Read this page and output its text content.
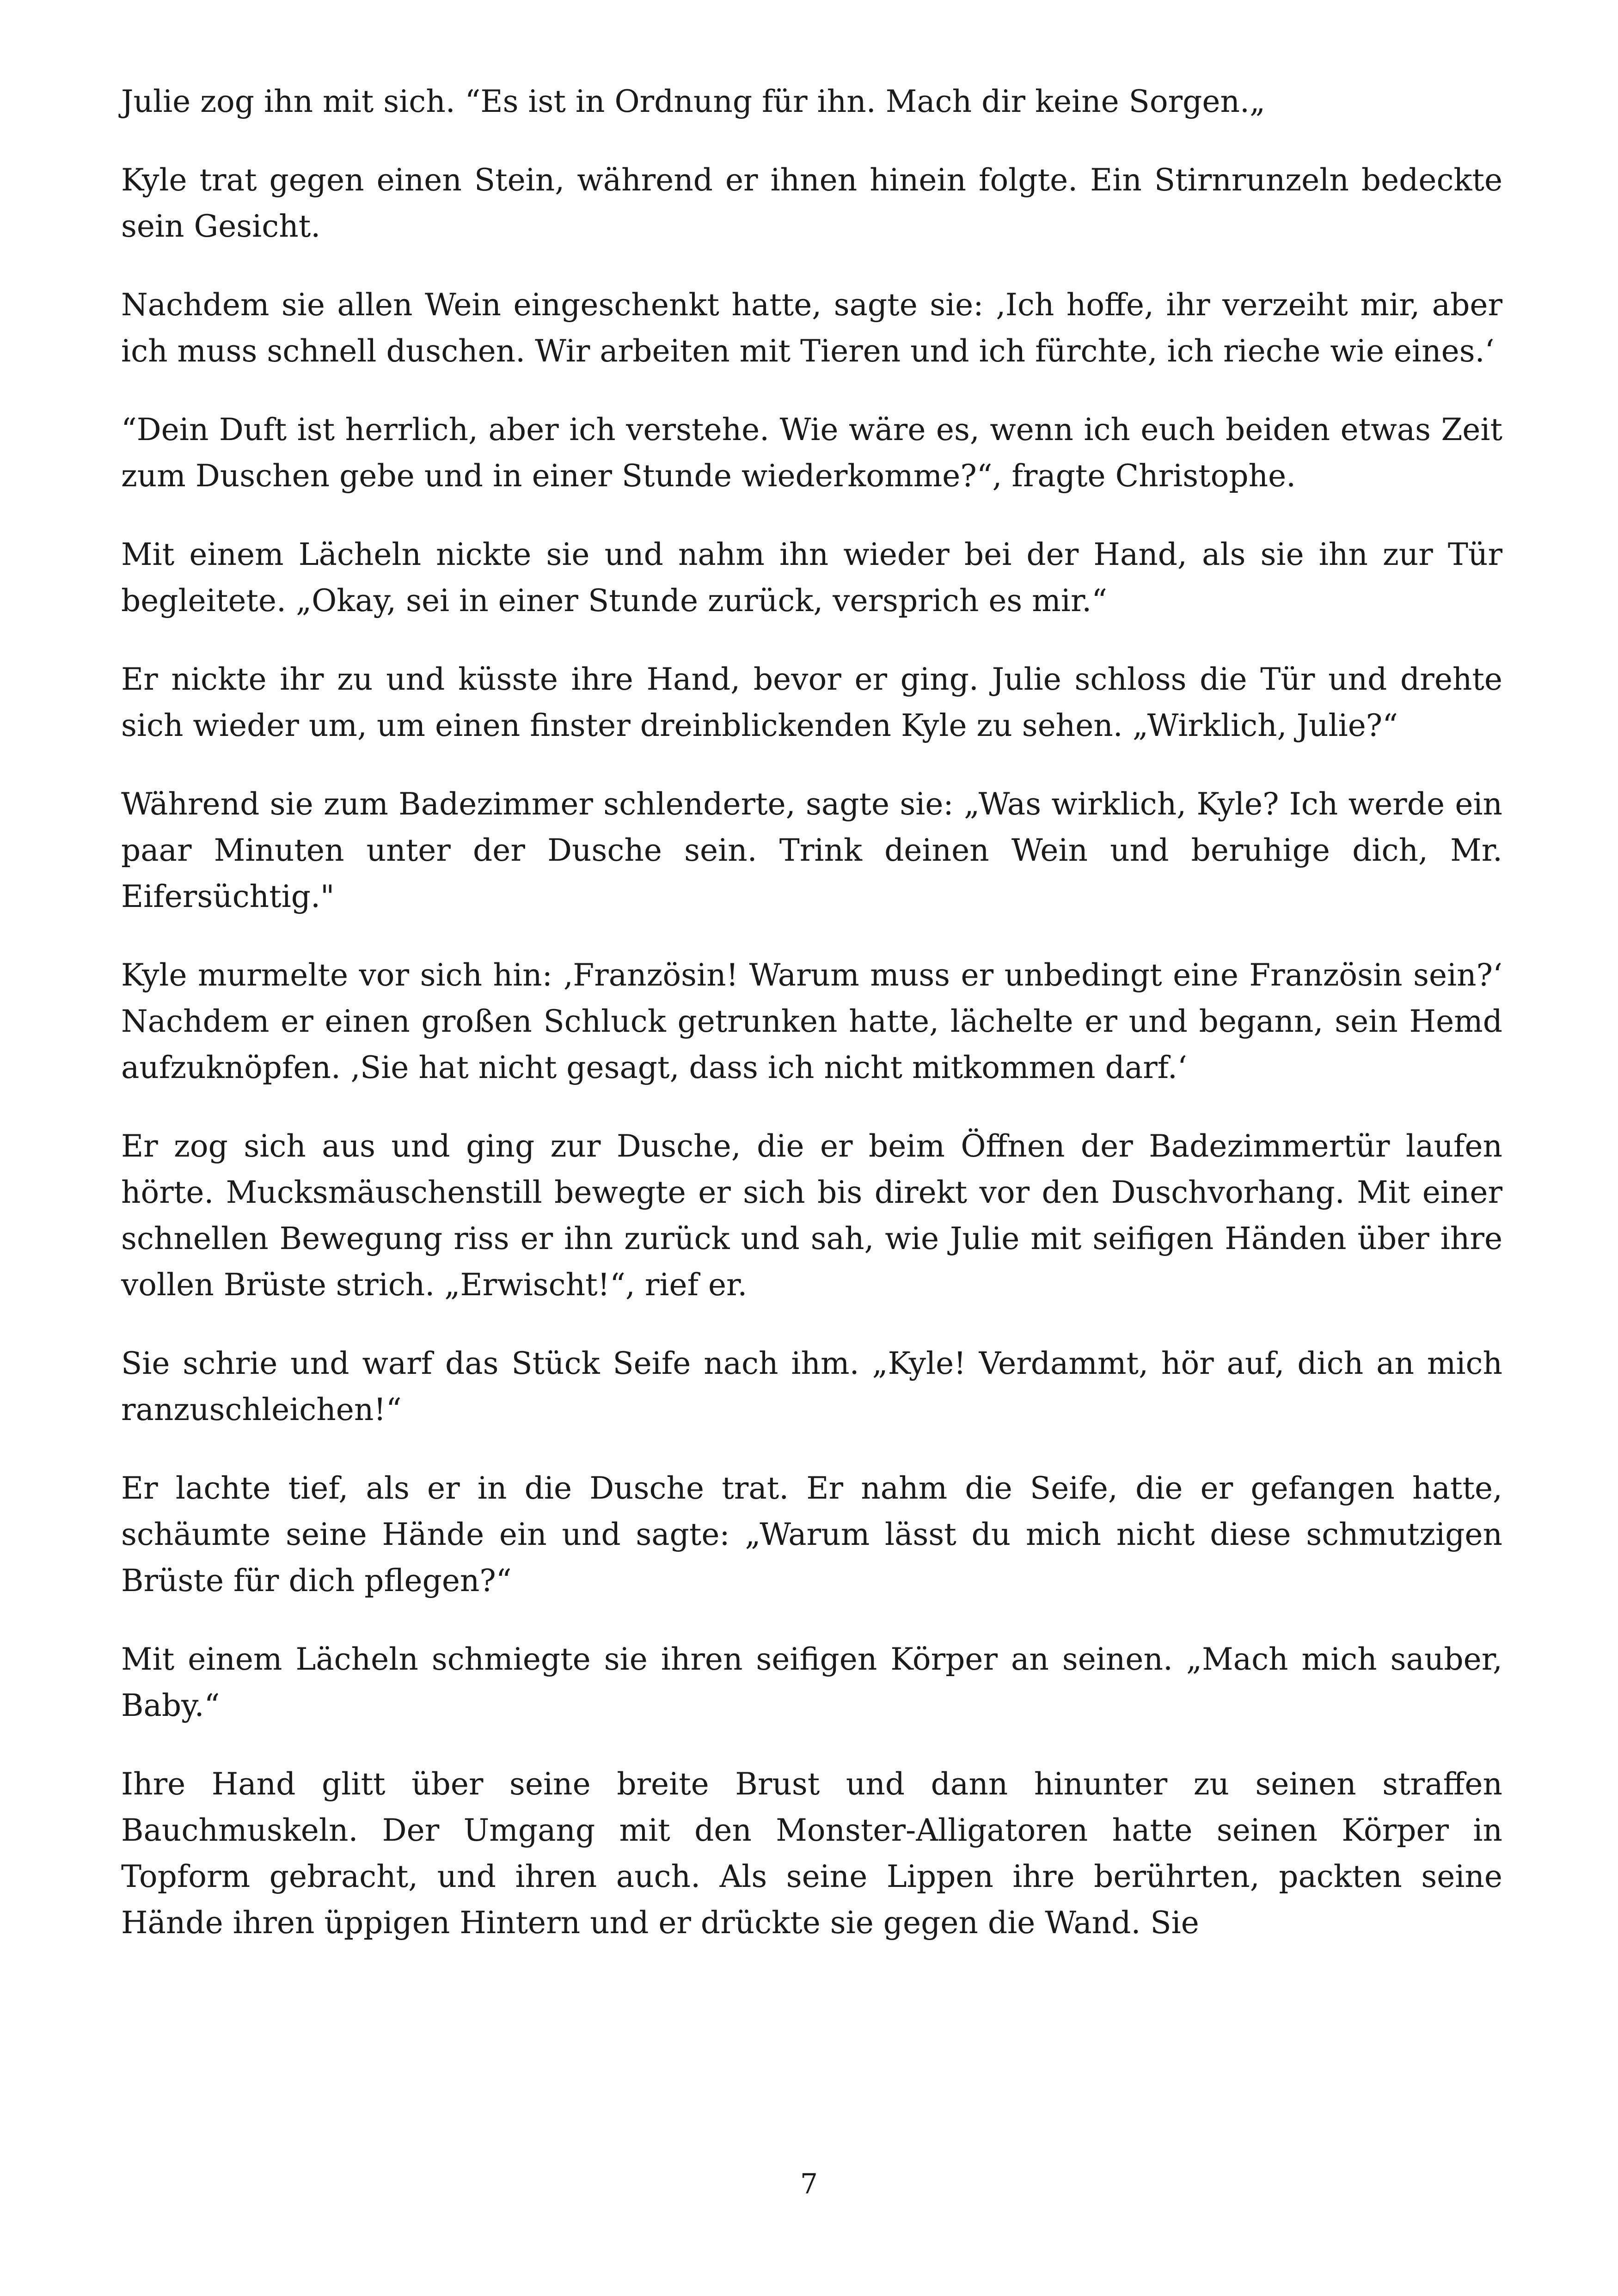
Julie zog ihn mit sich. “Es ist in Ordnung für ihn. Mach dir keine Sorgen.„

Kyle trat gegen einen Stein, während er ihnen hinein folgte. Ein Stirnrunzeln bedeckte sein Gesicht.

Nachdem sie allen Wein eingeschenkt hatte, sagte sie: ‚Ich hoffe, ihr verzeiht mir, aber ich muss schnell duschen. Wir arbeiten mit Tieren und ich fürchte, ich rieche wie eines.‘

“Dein Duft ist herrlich, aber ich verstehe. Wie wäre es, wenn ich euch beiden etwas Zeit zum Duschen gebe und in einer Stunde wiederkomme?“, fragte Christophe.

Mit einem Lächeln nickte sie und nahm ihn wieder bei der Hand, als sie ihn zur Tür begleitete. „Okay, sei in einer Stunde zurück, versprich es mir.“

Er nickte ihr zu und küsste ihre Hand, bevor er ging. Julie schloss die Tür und drehte sich wieder um, um einen finster dreinblickenden Kyle zu sehen. „Wirklich, Julie?“

Während sie zum Badezimmer schlenderte, sagte sie: „Was wirklich, Kyle? Ich werde ein paar Minuten unter der Dusche sein. Trink deinen Wein und beruhige dich, Mr. Eifersüchtig."

Kyle murmelte vor sich hin: ‚Französin! Warum muss er unbedingt eine Französin sein?‘ Nachdem er einen großen Schluck getrunken hatte, lächelte er und begann, sein Hemd aufzuknöpfen. ‚Sie hat nicht gesagt, dass ich nicht mitkommen darf.‘

Er zog sich aus und ging zur Dusche, die er beim Öffnen der Badezimmertür laufen hörte. Mucksmäuschenstill bewegte er sich bis direkt vor den Duschvorhang. Mit einer schnellen Bewegung riss er ihn zurück und sah, wie Julie mit seifigen Händen über ihre vollen Brüste strich. „Erwischt!“, rief er.

Sie schrie und warf das Stück Seife nach ihm. „Kyle! Verdammt, hör auf, dich an mich ranzuschleichen!“

Er lachte tief, als er in die Dusche trat. Er nahm die Seife, die er gefangen hatte, schäumte seine Hände ein und sagte: „Warum lässt du mich nicht diese schmutzigen Brüste für dich pflegen?“

Mit einem Lächeln schmiegte sie ihren seifigen Körper an seinen. „Mach mich sauber, Baby.“

Ihre Hand glitt über seine breite Brust und dann hinunter zu seinen straffen Bauchmuskeln. Der Umgang mit den Monster-Alligatoren hatte seinen Körper in Topform gebracht, und ihren auch. Als seine Lippen ihre berührten, packten seine Hände ihren üppigen Hintern und er drückte sie gegen die Wand. Sie

7
